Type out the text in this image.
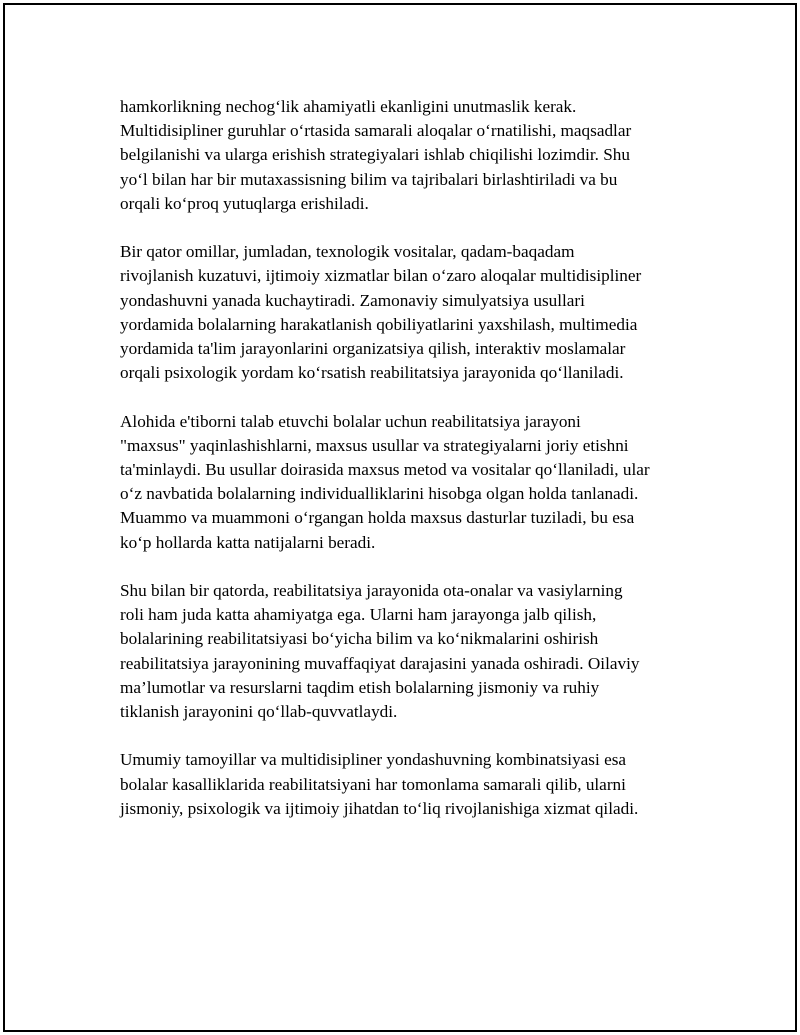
hamkorlikning nechog‘lik ahamiyatli ekanligini unutmaslik kerak.
Multidisipliner guruhlar o‘rtasida samarali aloqalar o‘rnatilishi, maqsadlar
belgilanishi va ularga erishish strategiyalari ishlab chiqilishi lozimdir. Shu
yo‘l bilan har bir mutaxassisning bilim va tajribalari birlashtiriladi va bu
orqali ko‘proq yutuqlarga erishiladi.

Bir qator omillar, jumladan, texnologik vositalar, qadam-baqadam
rivojlanish kuzatuvi, ijtimoiy xizmatlar bilan o‘zaro aloqalar multidisipliner
yondashuvni yanada kuchaytiradi. Zamonaviy simulyatsiya usullari
yordamida bolalarning harakatlanish qobiliyatlarini yaxshilash, multimedia
yordamida ta'lim jarayonlarini organizatsiya qilish, interaktiv moslamalar
orqali psixologik yordam ko‘rsatish reabilitatsiya jarayonida qo‘llaniladi.

Alohida e'tiborni talab etuvchi bolalar uchun reabilitatsiya jarayoni
"maxsus" yaqinlashishlarni, maxsus usullar va strategiyalarni joriy etishni
ta'minlaydi. Bu usullar doirasida maxsus metod va vositalar qo‘llaniladi, ular
o‘z navbatida bolalarning individualliklarini hisobga olgan holda tanlanadi.
Muammo va muammoni o‘rgangan holda maxsus dasturlar tuziladi, bu esa
ko‘p hollarda katta natijalarni beradi.

Shu bilan bir qatorda, reabilitatsiya jarayonida ota-onalar va vasiylarning
roli ham juda katta ahamiyatga ega. Ularni ham jarayonga jalb qilish,
bolalarining reabilitatsiyasi bo‘yicha bilim va ko‘nikmalarini oshirish
reabilitatsiya jarayonining muvaffaqiyat darajasini yanada oshiradi. Oilaviy
ma’lumotlar va resurslarni taqdim etish bolalarning jismoniy va ruhiy
tiklanish jarayonini qo‘llab-quvvatlaydi.

Umumiy tamoyillar va multidisipliner yondashuvning kombinatsiyasi esa
bolalar kasalliklarida reabilitatsiyani har tomonlama samarali qilib, ularni
jismoniy, psixologik va ijtimoiy jihatdan to‘liq rivojlanishiga xizmat qiladi.
